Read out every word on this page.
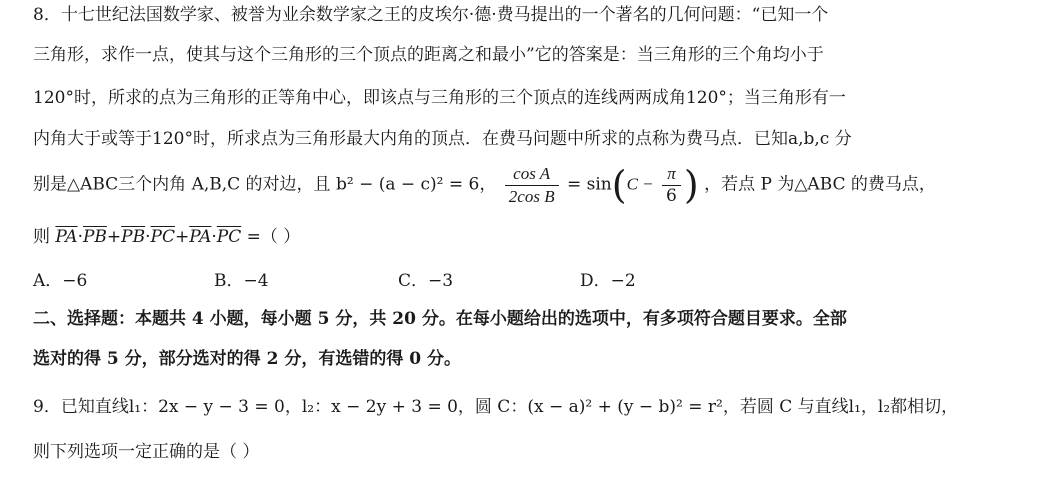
8．十七世纪法国数学家、被誉为业余数学家之王的皮埃尔·德·费马提出的一个著名的几何问题：“已知一个
三角形，求作一点，使其与这个三角形的三个顶点的距离之和最小”它的答案是：当三角形的三个角均小于
120°时，所求的点为三角形的正等角中心，即该点与三角形的三个顶点的连线两两成角120°；当三角形有一
内角大于或等于120°时，所求点为三角形最大内角的顶点．在费马问题中所求的点称为费马点．已知a,b,c 分
别是△ABC三个内角 A,B,C 的对边，且 b² − (a − c)² = 6， $\frac{\text{cos A}}{\text{2cos B}} = \sin(C - \frac{\pi}{6}$ ) ，若点 P 为△ABC 的费马点，
则 $\overline{PA}\cdot\overline{PB}+\overline{PB}\cdot\overline{PC}+\overline{PA}\cdot\overline{PC}$ =（ ）
A．−6	B．−4	C．−3	D．−2
二、选择题：本题共 4 小题，每小题 5 分，共 20 分。在每小题给出的选项中，有多项符合题目要求。全部
选对的得 5 分，部分选对的得 2 分，有选错的得 0 分。
9．已知直线l₁：2x − y − 3 = 0，l₂：x − 2y + 3 = 0，圆 C：(x − a)² + (y − b)² = r²，若圆 C 与直线l₁，l₂都相切，
则下列选项一定正确的是（ ）
